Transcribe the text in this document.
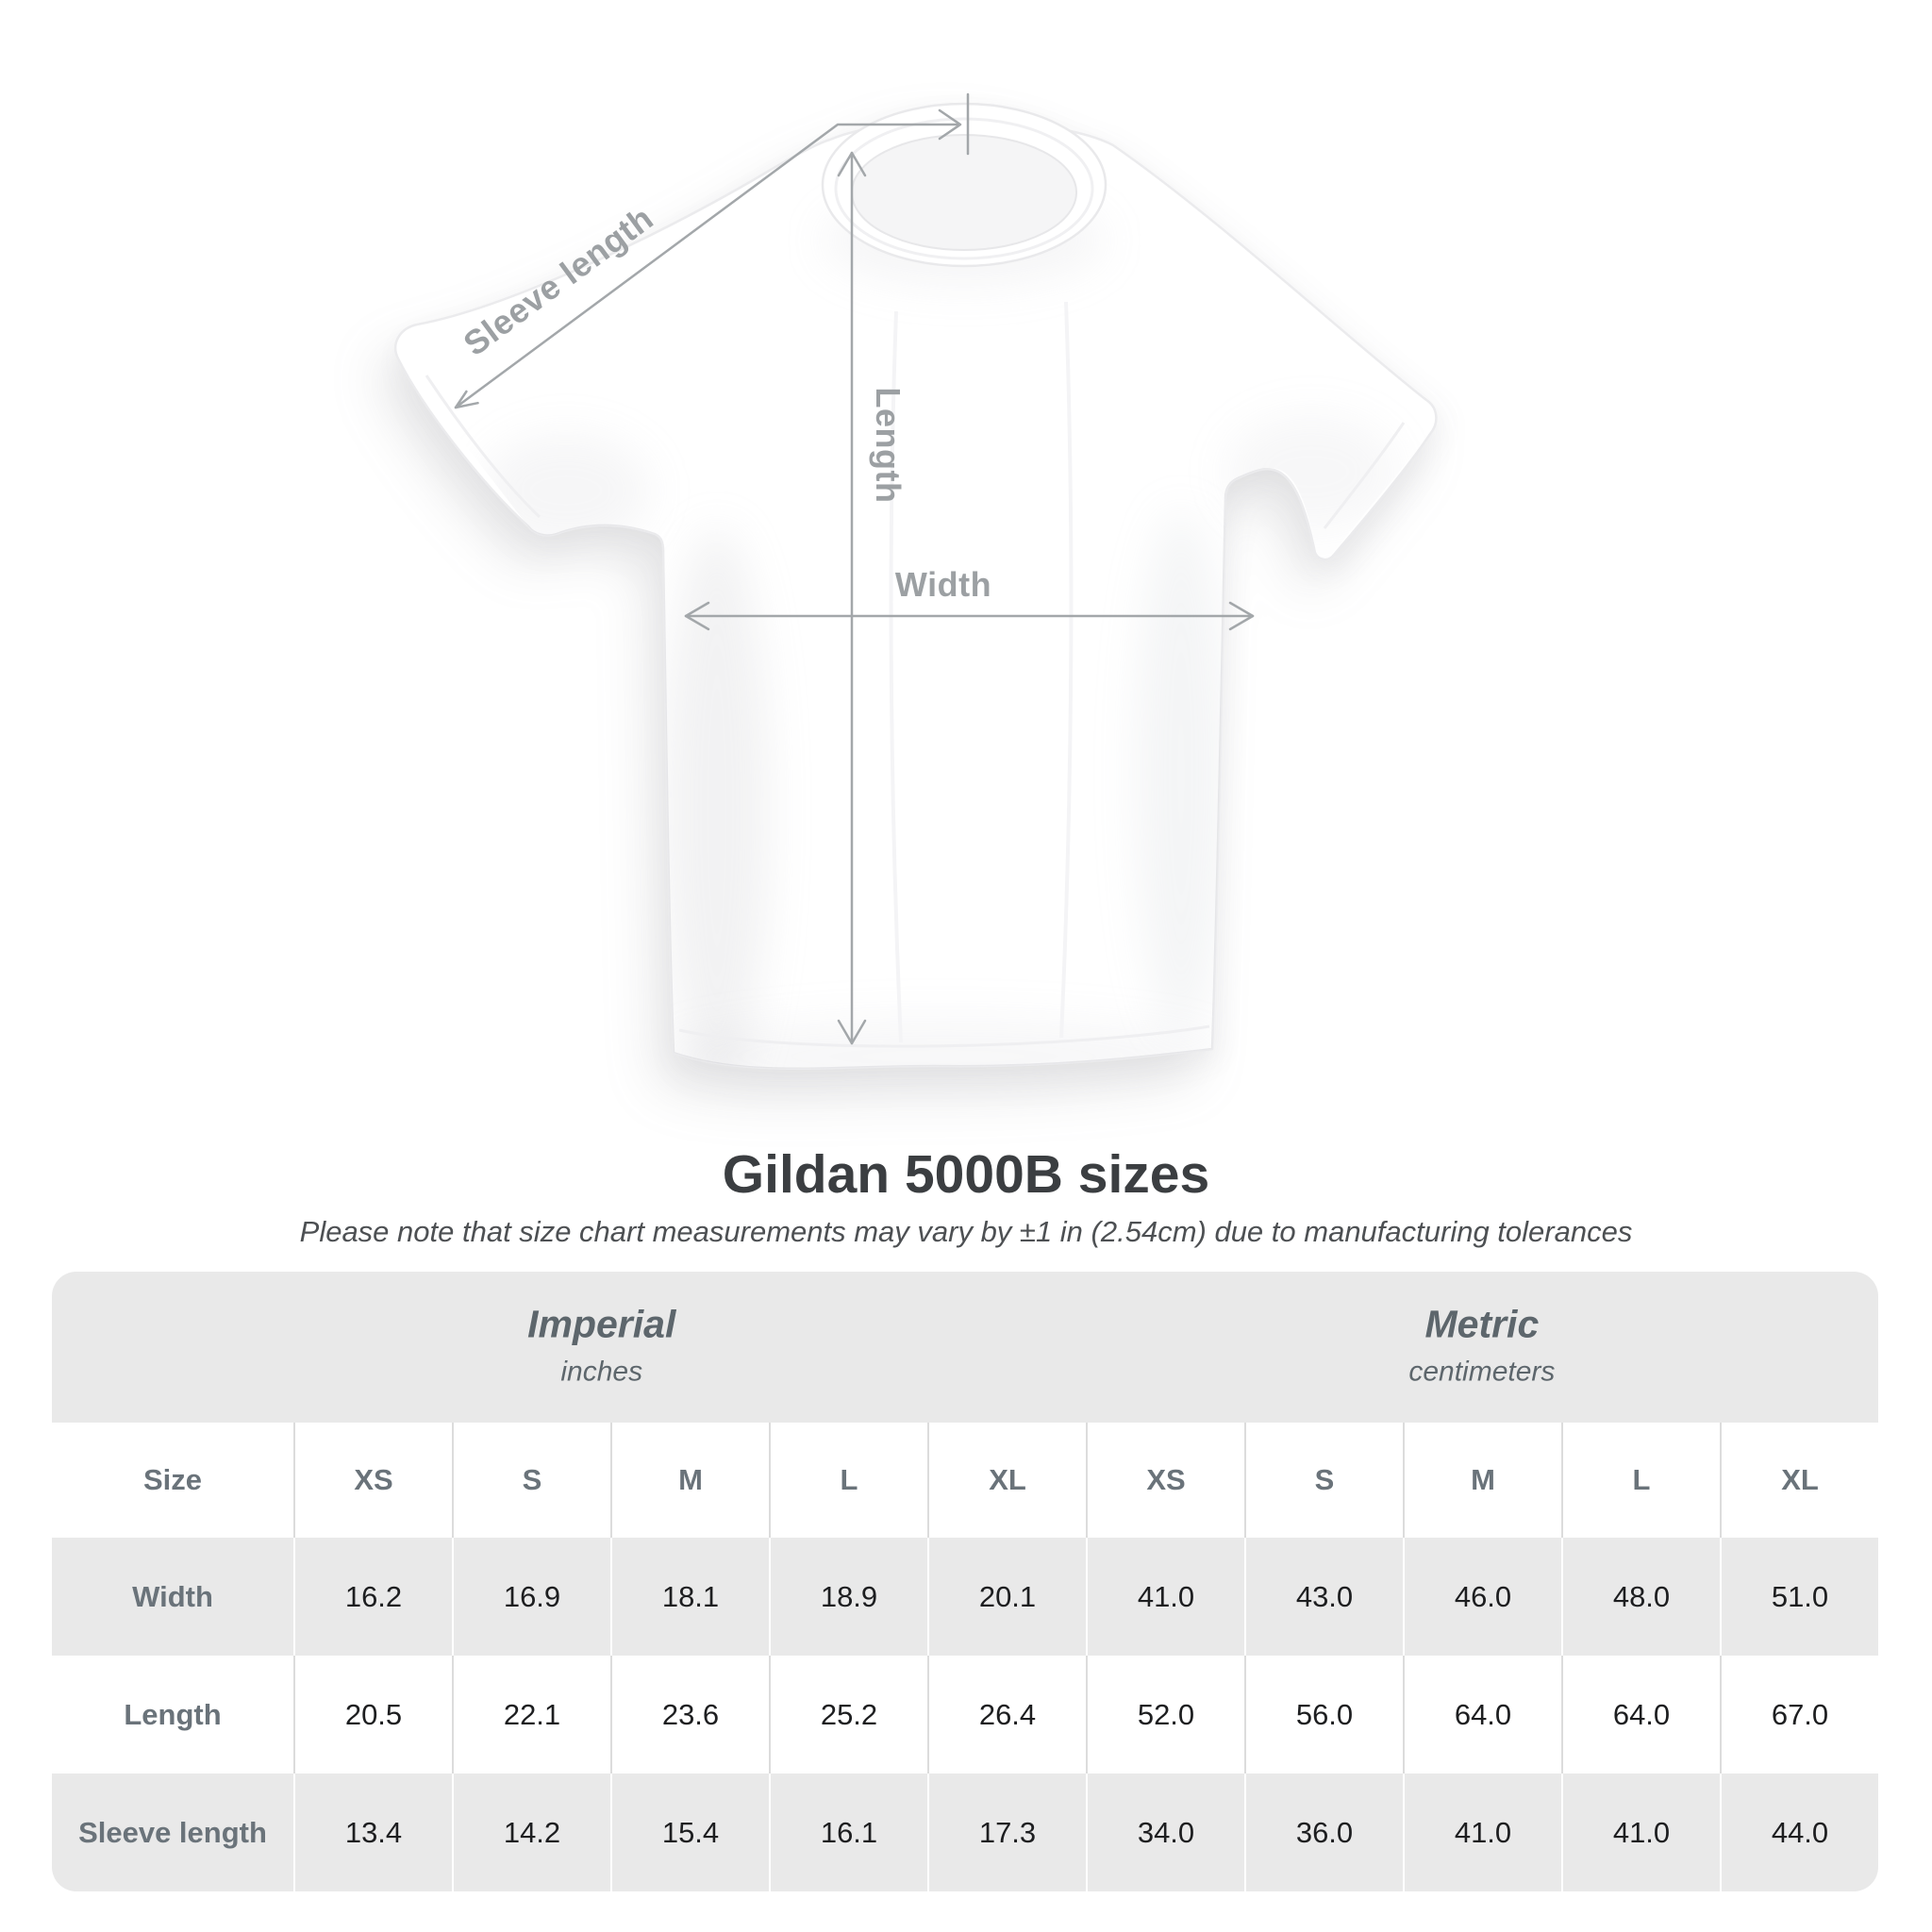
Sleeve length
Length
Width
Gildan 5000B sizes

Please note that size chart measurements may vary by ±1 in (2.54cm) due to manufacturing tolerances

Imperial
inches
Metric
centimeters
Size	XS	S	M	L	XL	XS	S	M	L	XL
Width	16.2	16.9	18.1	18.9	20.1	41.0	43.0	46.0	48.0	51.0
Length	20.5	22.1	23.6	25.2	26.4	52.0	56.0	64.0	64.0	67.0
Sleeve length	13.4	14.2	15.4	16.1	17.3	34.0	36.0	41.0	41.0	44.0
